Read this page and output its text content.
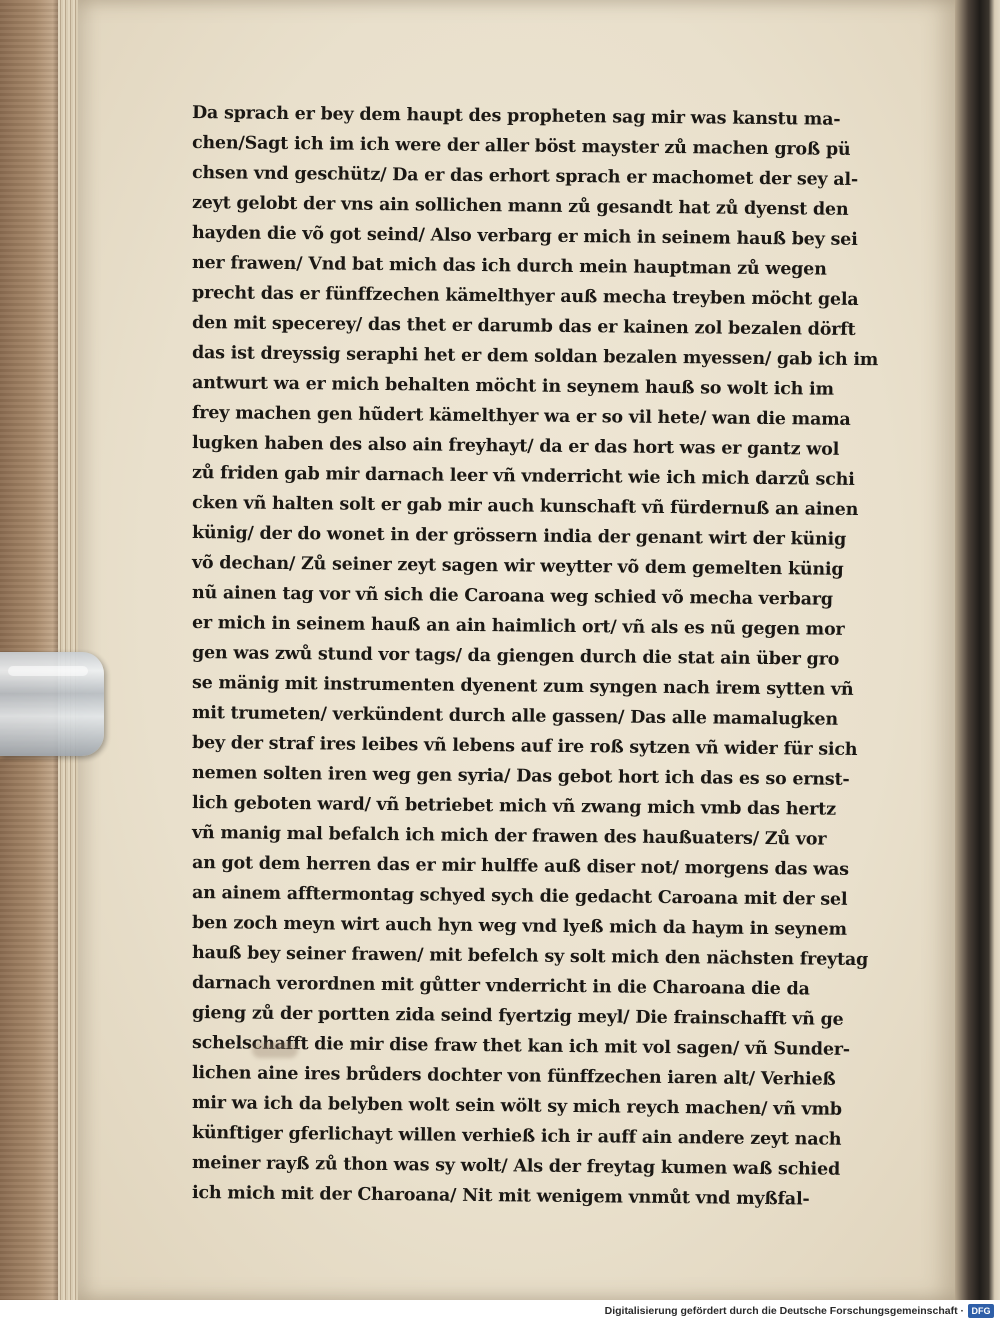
Da sprach er bey dem haupt des propheten sag mir was kanstu ma-
chen/Sagt ich im ich were der aller böst mayster zů machen groß pü
chsen vnd geschütz/ Da er das erhort sprach er machomet der sey al-
zeyt gelobt der vns ain sollichen mann zů gesandt hat zů dyenst den
hayden die võ got seind/ Also verbarg er mich in seinem hauß bey sei
ner frawen/ Vnd bat mich das ich durch mein hauptman zů wegen
precht das er fünffzechen kämelthyer auß mecha treyben möcht gela
den mit specerey/ das thet er darumb das er kainen zol bezalen dörft
das ist dreyssig seraphi het er dem soldan bezalen myessen/ gab ich im
antwurt wa er mich behalten möcht in seynem hauß so wolt ich im
frey machen gen hũdert kämelthyer wa er so vil hete/ wan die mama
lugken haben des also ain freyhayt/ da er das hort was er gantz wol
zů friden gab mir darnach leer vñ vnderricht wie ich mich darzů schi
cken vñ halten solt er gab mir auch kunschaft vñ fürdernuß an ainen
künig/ der do wonet in der grössern india der genant wirt der künig
võ dechan/ Zů seiner zeyt sagen wir weytter võ dem gemelten künig
nũ ainen tag vor vñ sich die Caroana weg schied võ mecha verbarg
er mich in seinem hauß an ain haimlich ort/ vñ als es nũ gegen mor
gen was zwů stund vor tags/ da giengen durch die stat ain über gro
se mänig mit instrumenten dyenent zum syngen nach irem sytten vñ
mit trumeten/ verkündent durch alle gassen/ Das alle mamalugken
bey der straf ires leibes vñ lebens auf ire roß sytzen vñ wider für sich
nemen solten iren weg gen syria/ Das gebot hort ich das es so ernst-
lich geboten ward/ vñ betriebet mich vñ zwang mich vmb das hertz
vñ manig mal befalch ich mich der frawen des haußuaters/ Zů vor
an got dem herren das er mir hulffe auß diser not/ morgens das was
an ainem afftermontag schyed sych die gedacht Caroana mit der sel
ben zoch meyn wirt auch hyn weg vnd lyeß mich da haym in seynem
hauß bey seiner frawen/ mit befelch sy solt mich den nächsten freytag
darnach verordnen mit gůtter vnderricht in die Charoana die da
gieng zů der portten zida seind fyertzig meyl/ Die frainschafft vñ ge
schelschafft die mir dise fraw thet kan ich mit vol sagen/ vñ Sunder-
lichen aine ires brůders dochter von fünffzechen iaren alt/ Verhieß
mir wa ich da belyben wolt sein wölt sy mich reych machen/ vñ vmb
künftiger gferlichayt willen verhieß ich ir auff ain andere zeyt nach
meiner rayß zů thon was sy wolt/ Als der freytag kumen waß schied
ich mich mit der Charoana/ Nit mit wenigem vnmůt vnd myßfal-
Digitalisierung gefördert durch die Deutsche Forschungsgemeinschaft · DFG
